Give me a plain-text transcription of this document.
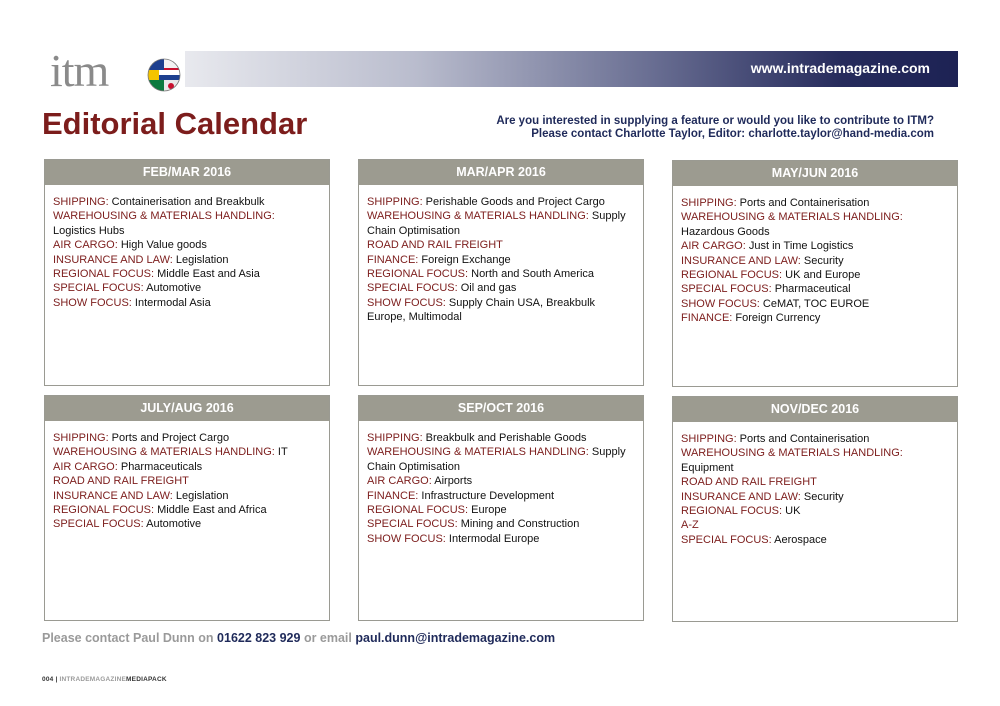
itm	www.intrademagazine.com
Editorial Calendar	Are you interested in supplying a feature or would you like to contribute to ITM?
Please contact Charlotte Taylor, Editor: charlotte.taylor@hand-media.com
FEB/MAR 2016
SHIPPING: Containerisation and Breakbulk
WAREHOUSING & MATERIALS HANDLING:
Logistics Hubs
AIR CARGO: High Value goods
INSURANCE AND LAW: Legislation
REGIONAL FOCUS: Middle East and Asia
SPECIAL FOCUS: Automotive
SHOW FOCUS: Intermodal Asia
MAR/APR 2016
SHIPPING: Perishable Goods and Project Cargo
WAREHOUSING & MATERIALS HANDLING: Supply
Chain Optimisation
ROAD AND RAIL FREIGHT
FINANCE: Foreign Exchange
REGIONAL FOCUS: North and South America
SPECIAL FOCUS: Oil and gas
SHOW FOCUS: Supply Chain USA, Breakbulk
Europe, Multimodal
MAY/JUN 2016
SHIPPING: Ports and Containerisation
WAREHOUSING & MATERIALS HANDLING:
Hazardous Goods
AIR CARGO: Just in Time Logistics
INSURANCE AND LAW: Security
REGIONAL FOCUS: UK and Europe
SPECIAL FOCUS: Pharmaceutical
SHOW FOCUS: CeMAT, TOC EUROE
FINANCE: Foreign Currency
JULY/AUG 2016
SHIPPING: Ports and Project Cargo
WAREHOUSING & MATERIALS HANDLING: IT
AIR CARGO: Pharmaceuticals
ROAD AND RAIL FREIGHT
INSURANCE AND LAW: Legislation
REGIONAL FOCUS: Middle East and Africa
SPECIAL FOCUS: Automotive
SEP/OCT 2016
SHIPPING: Breakbulk and Perishable Goods
WAREHOUSING & MATERIALS HANDLING: Supply
Chain Optimisation
AIR CARGO: Airports
FINANCE: Infrastructure Development
REGIONAL FOCUS: Europe
SPECIAL FOCUS: Mining and Construction
SHOW FOCUS: Intermodal Europe
NOV/DEC 2016
SHIPPING: Ports and Containerisation
WAREHOUSING & MATERIALS HANDLING:
Equipment
ROAD AND RAIL FREIGHT
INSURANCE AND LAW: Security
REGIONAL FOCUS: UK
A-Z
SPECIAL FOCUS: Aerospace
Please contact Paul Dunn on 01622 823 929 or email paul.dunn@intrademagazine.com
004 | INTRADEMAGAZINEMEDIAPACK
